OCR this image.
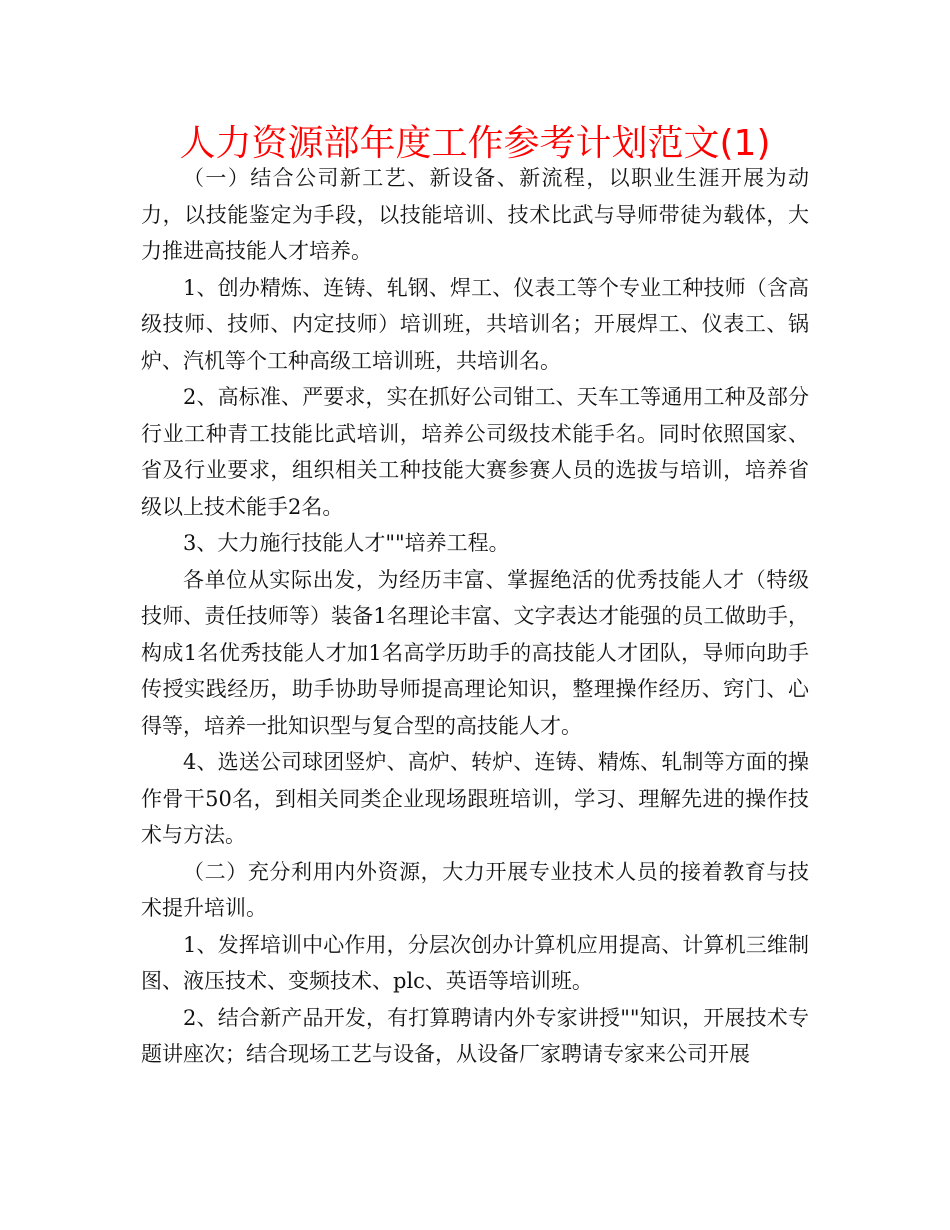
人力资源部年度工作参考计划范文(1)

（一）结合公司新工艺、新设备、新流程，以职业生涯开展为动力，以技能鉴定为手段，以技能培训、技术比武与导师带徒为载体，大力推进高技能人才培养。

1、创办精炼、连铸、轧钢、焊工、仪表工等个专业工种技师（含高级技师、技师、内定技师）培训班，共培训名；开展焊工、仪表工、锅炉、汽机等个工种高级工培训班，共培训名。

2、高标准、严要求，实在抓好公司钳工、天车工等通用工种及部分行业工种青工技能比武培训，培养公司级技术能手名。同时依照国家、省及行业要求，组织相关工种技能大赛参赛人员的选拔与培训，培养省级以上技术能手2名。

3、大力施行技能人才""培养工程。

各单位从实际出发，为经历丰富、掌握绝活的优秀技能人才（特级技师、责任技师等）装备1名理论丰富、文字表达才能强的员工做助手，构成1名优秀技能人才加1名高学历助手的高技能人才团队，导师向助手传授实践经历，助手协助导师提高理论知识，整理操作经历、窍门、心得等，培养一批知识型与复合型的高技能人才。

4、选送公司球团竖炉、高炉、转炉、连铸、精炼、轧制等方面的操作骨干50名，到相关同类企业现场跟班培训，学习、理解先进的操作技术与方法。

（二）充分利用内外资源，大力开展专业技术人员的接着教育与技术提升培训。

1、发挥培训中心作用，分层次创办计算机应用提高、计算机三维制图、液压技术、变频技术、plc、英语等培训班。

2、结合新产品开发，有打算聘请内外专家讲授""知识，开展技术专题讲座次；结合现场工艺与设备，从设备厂家聘请专家来公司开展
